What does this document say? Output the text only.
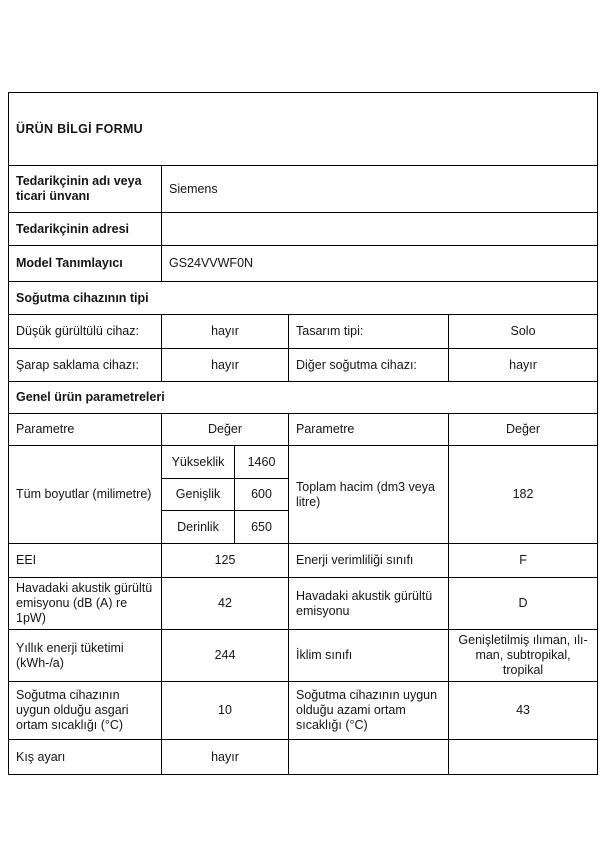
ÜRÜN BİLGİ FORMU				
Tedarikçinin adı veya ticari ünvanı	Siemens			
Tedarikçinin adresi				
Model Tanımlayıcı	GS24VVWF0N			
Soğutma cihazının tipi				
Düşük gürültülü cihaz:	hayır		Tasarım tipi:	Solo
Şarap saklama cihazı:	hayır		Diğer soğutma cihazı:	hayır
Genel ürün parametreleri				
Parametre	Değer		Parametre	Değer
Tüm boyutlar (milimetre)	Yükseklik	1460	Toplam hacim (dm3 veya litre)	182
	Genişlik	600		
	Derinlik	650		
EEI	125		Enerji verimliliği sınıfı	F
Havadaki akustik gürültü emisyonu (dB (A) re 1pW)	42		Havadaki akustik gürültü emisyonu	D
Yıllık enerji tüketimi (kWh-/a)	244		İklim sınıfı	Genişletilmiş ılıman, ılıman, subtropikal, tropikal
Soğutma cihazının uygun olduğu asgari ortam sıcaklığı (°C)	10		Soğutma cihazının uygun olduğu azami ortam sıcaklığı (°C)	43
Kış ayarı	hayır			
